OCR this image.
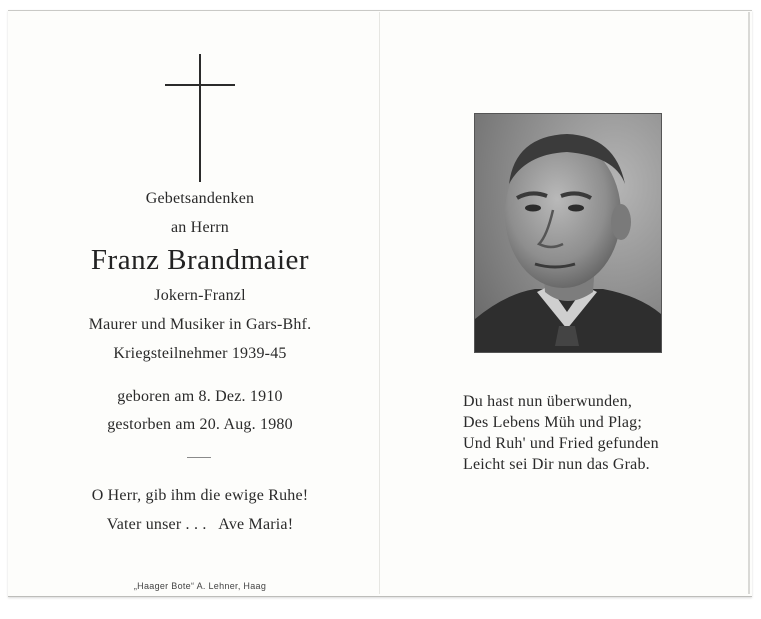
Gebetsandenken
an Herrn
Franz Brandmaier
Jokern-Franzl
Maurer und Musiker in Gars-Bhf.
Kriegsteilnehmer 1939-45
geboren am 8. Dez. 1910
gestorben am 20. Aug. 1980
O Herr, gib ihm die ewige Ruhe!
Vater unser . . .   Ave Maria!
„Haager Bote“ A. Lehner, Haag
Du hast nun überwunden,
Des Lebens Müh und Plag;
Und Ruh' und Fried gefunden
Leicht sei Dir nun das Grab.
